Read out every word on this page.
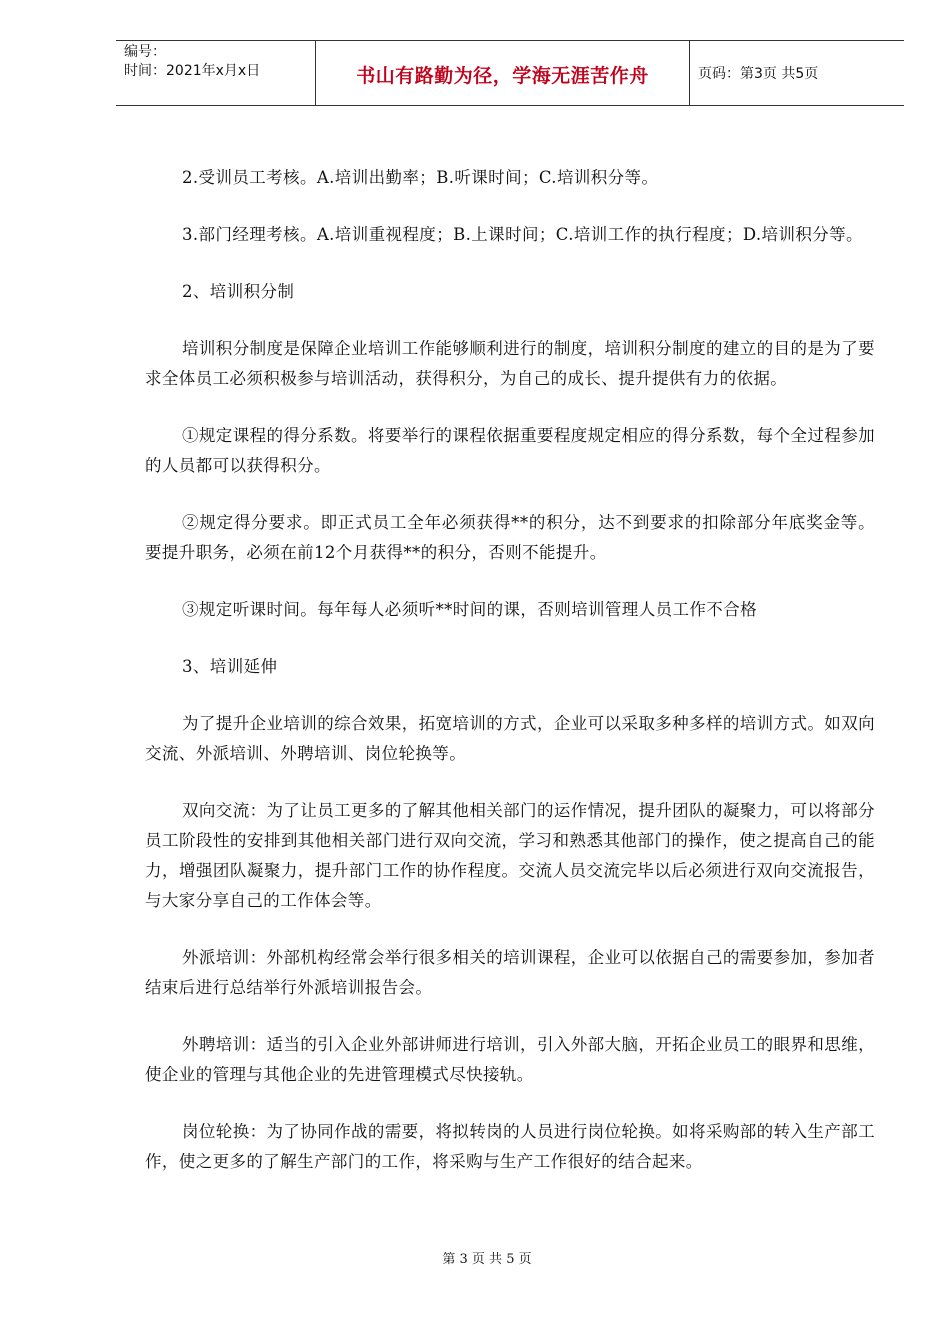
编号：
时间：2021年x月x日	书山有路勤为径，学海无涯苦作舟	页码：第3页 共5页

2.受训员工考核。A.培训出勤率；B.听课时间；C.培训积分等。

3.部门经理考核。A.培训重视程度；B.上课时间；C.培训工作的执行程度；D.培训积分等。

2、培训积分制

培训积分制度是保障企业培训工作能够顺利进行的制度，培训积分制度的建立的目的是为了要求全体员工必须积极参与培训活动，获得积分，为自己的成长、提升提供有力的依据。

①规定课程的得分系数。将要举行的课程依据重要程度规定相应的得分系数，每个全过程参加的人员都可以获得积分。

②规定得分要求。即正式员工全年必须获得**的积分，达不到要求的扣除部分年底奖金等。要提升职务，必须在前12个月获得**的积分，否则不能提升。

③规定听课时间。每年每人必须听**时间的课，否则培训管理人员工作不合格

3、培训延伸

为了提升企业培训的综合效果，拓宽培训的方式，企业可以采取多种多样的培训方式。如双向交流、外派培训、外聘培训、岗位轮换等。

双向交流：为了让员工更多的了解其他相关部门的运作情况，提升团队的凝聚力，可以将部分员工阶段性的安排到其他相关部门进行双向交流，学习和熟悉其他部门的操作，使之提高自己的能力，增强团队凝聚力，提升部门工作的协作程度。交流人员交流完毕以后必须进行双向交流报告，与大家分享自己的工作体会等。

外派培训：外部机构经常会举行很多相关的培训课程，企业可以依据自己的需要参加，参加者结束后进行总结举行外派培训报告会。

外聘培训：适当的引入企业外部讲师进行培训，引入外部大脑，开拓企业员工的眼界和思维，使企业的管理与其他企业的先进管理模式尽快接轨。

岗位轮换：为了协同作战的需要，将拟转岗的人员进行岗位轮换。如将采购部的转入生产部工作，使之更多的了解生产部门的工作，将采购与生产工作很好的结合起来。

第 3 页 共 5 页
